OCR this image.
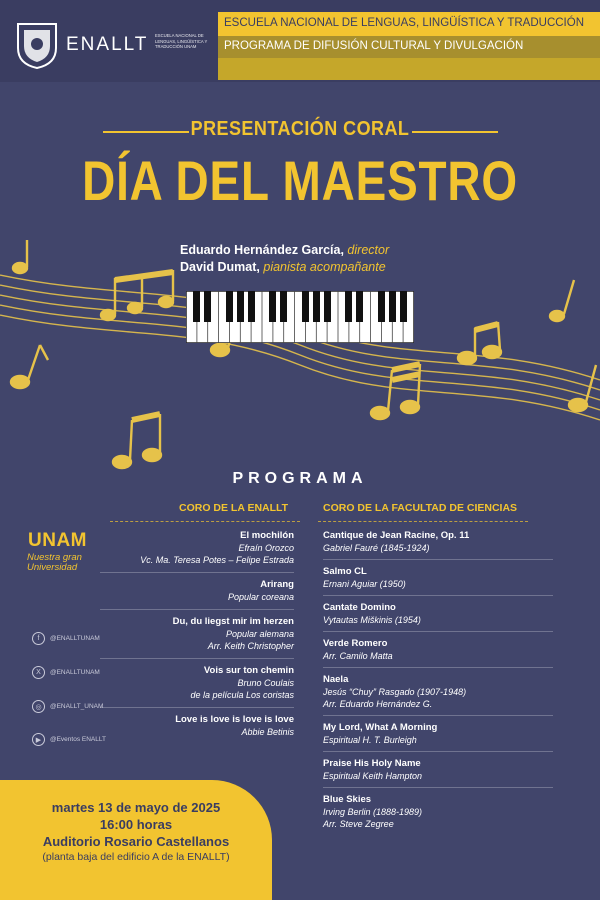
ENALLT ESCUELA NACIONAL DE LENGUAS, LINGÜÍSTICA Y TRADUCCIÓN UNAM
ESCUELA NACIONAL DE LENGUAS, LINGÜÍSTICA Y TRADUCCIÓN
PROGRAMA DE DIFUSIÓN CULTURAL Y DIVULGACIÓN
PRESENTACIÓN CORAL
DÍA DEL MAESTRO
Eduardo Hernández García, director
David Dumat, pianista acompañante
PROGRAMA
CORO DE LA ENALLT
El mochilón
Efraín Orozco
Vc. Ma. Teresa Potes – Felipe Estrada
Arirang
Popular coreana
Du, du liegst mir im herzen
Popular alemana
Arr. Keith Christopher
Vois sur ton chemin
Bruno Coulais
de la película Los coristas
Love is love is love is love
Abbie Betinis
CORO DE LA FACULTAD DE CIENCIAS
Cantique de Jean Racine, Op. 11
Gabriel Fauré (1845-1924)
Salmo CL
Ernani Aguiar (1950)
Cantate Domino
Vytautas Miškinis (1954)
Verde Romero
Arr. Camilo Matta
Naela
Jesús “Chuy” Rasgado (1907-1948)
Arr. Eduardo Hernández G.
My Lord, What A Morning
Espiritual H. T. Burleigh
Praise His Holy Name
Espiritual Keith Hampton
Blue Skies
Irving Berlin (1888-1989)
Arr. Steve Zegree
UNAM
Nuestra gran Universidad
f	@ENALLTUNAM
X	@ENALLTUNAM
◎	@ENALLT_UNAM
▶	@Eventos ENALLT
martes 13 de mayo de 2025
16:00 horas
Auditorio Rosario Castellanos
(planta baja del edificio A de la ENALLT)
